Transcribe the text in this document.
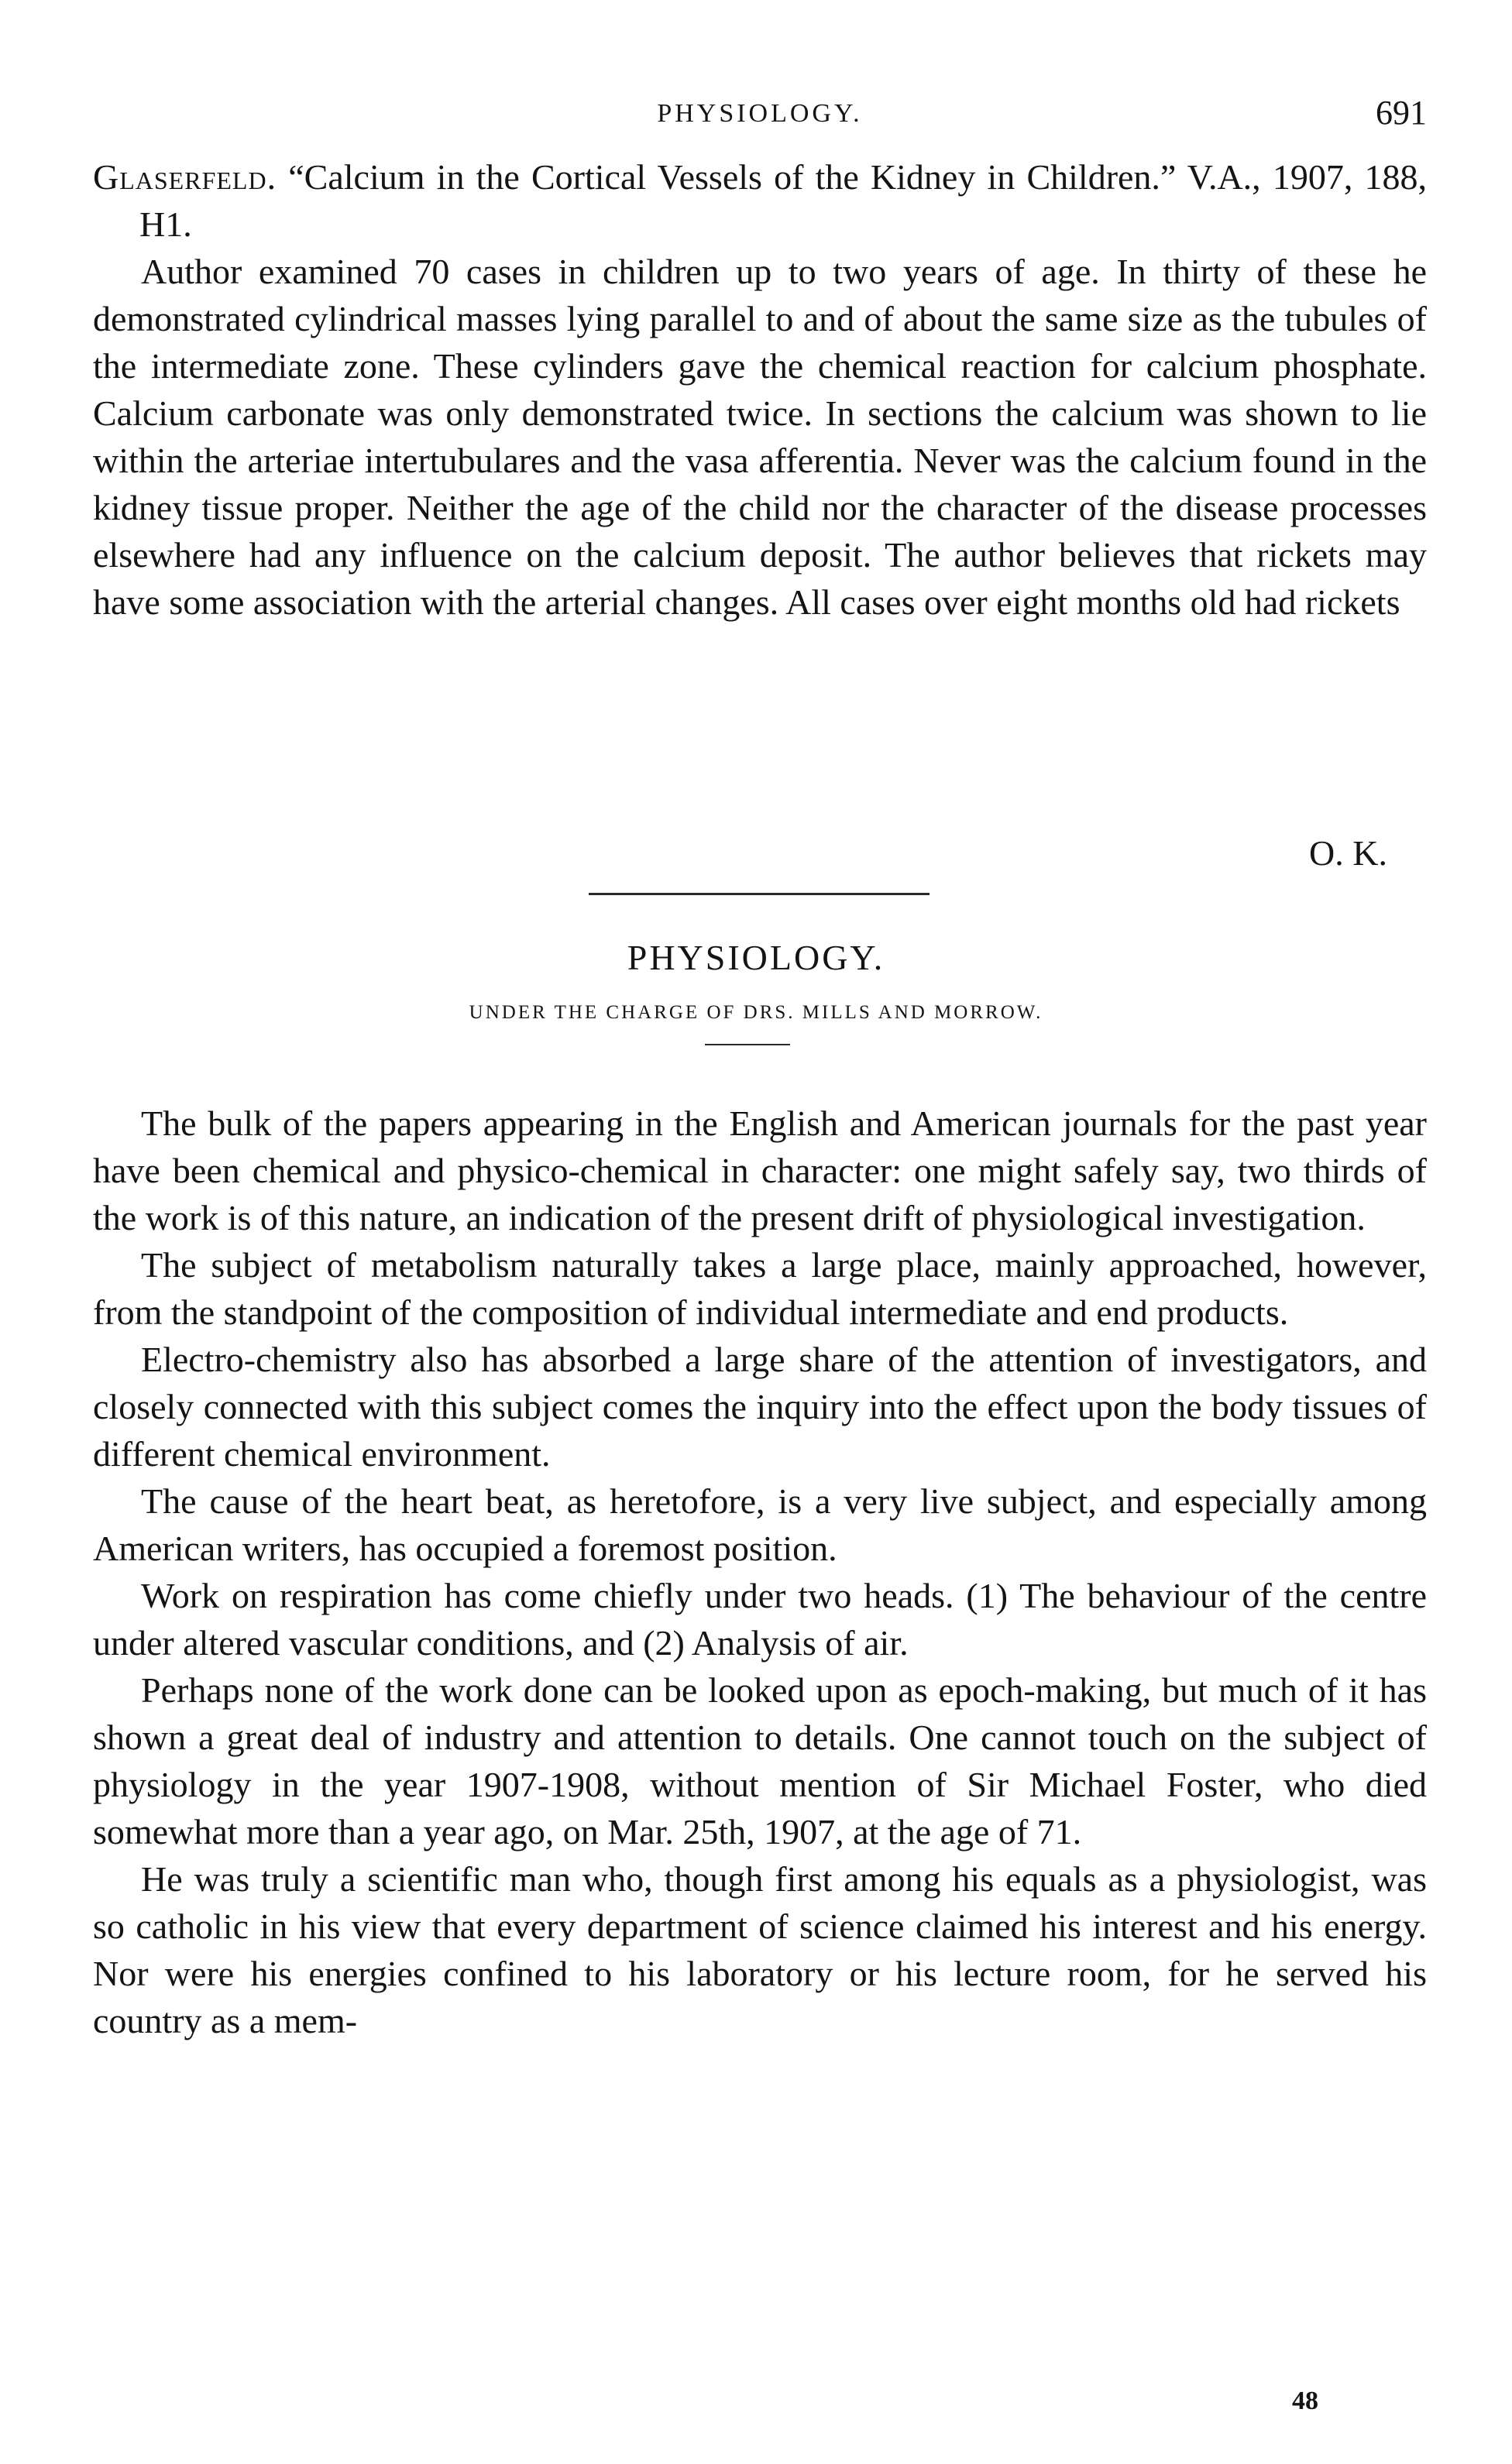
PHYSIOLOGY.	691
Glaserfeld. “Calcium in the Cortical Vessels of the Kidney in Children.” V.A., 1907, 188, H1.

Author examined 70 cases in children up to two years of age. In thirty of these he demonstrated cylindrical masses lying parallel to and of about the same size as the tubules of the intermediate zone. These cylinders gave the chemical reaction for calcium phosphate. Calcium carbonate was only demonstrated twice. In sections the calcium was shown to lie within the arteriae intertubulares and the vasa afferentia. Never was the calcium found in the kidney tissue proper. Neither the age of the child nor the character of the disease processes elsewhere had any influence on the calcium deposit. The author believes that rickets may have some association with the arterial changes. All cases over eight months old had rickets

O. K.
PHYSIOLOGY.
UNDER THE CHARGE OF DRS. MILLS AND MORROW.

The bulk of the papers appearing in the English and American journals for the past year have been chemical and physico-chemical in character: one might safely say, two thirds of the work is of this nature, an indication of the present drift of physiological investigation.

The subject of metabolism naturally takes a large place, mainly approached, however, from the standpoint of the composition of individual intermediate and end products.

Electro-chemistry also has absorbed a large share of the attention of investigators, and closely connected with this subject comes the inquiry into the effect upon the body tissues of different chemical environment.

The cause of the heart beat, as heretofore, is a very live subject, and especially among American writers, has occupied a foremost position.

Work on respiration has come chiefly under two heads. (1) The behaviour of the centre under altered vascular conditions, and (2) Analysis of air.

Perhaps none of the work done can be looked upon as epoch-making, but much of it has shown a great deal of industry and attention to details. One cannot touch on the subject of physiology in the year 1907-1908, without mention of Sir Michael Foster, who died somewhat more than a year ago, on Mar. 25th, 1907, at the age of 71.

He was truly a scientific man who, though first among his equals as a physiologist, was so catholic in his view that every department of science claimed his interest and his energy. Nor were his energies confined to his laboratory or his lecture room, for he served his country as a mem-

48
